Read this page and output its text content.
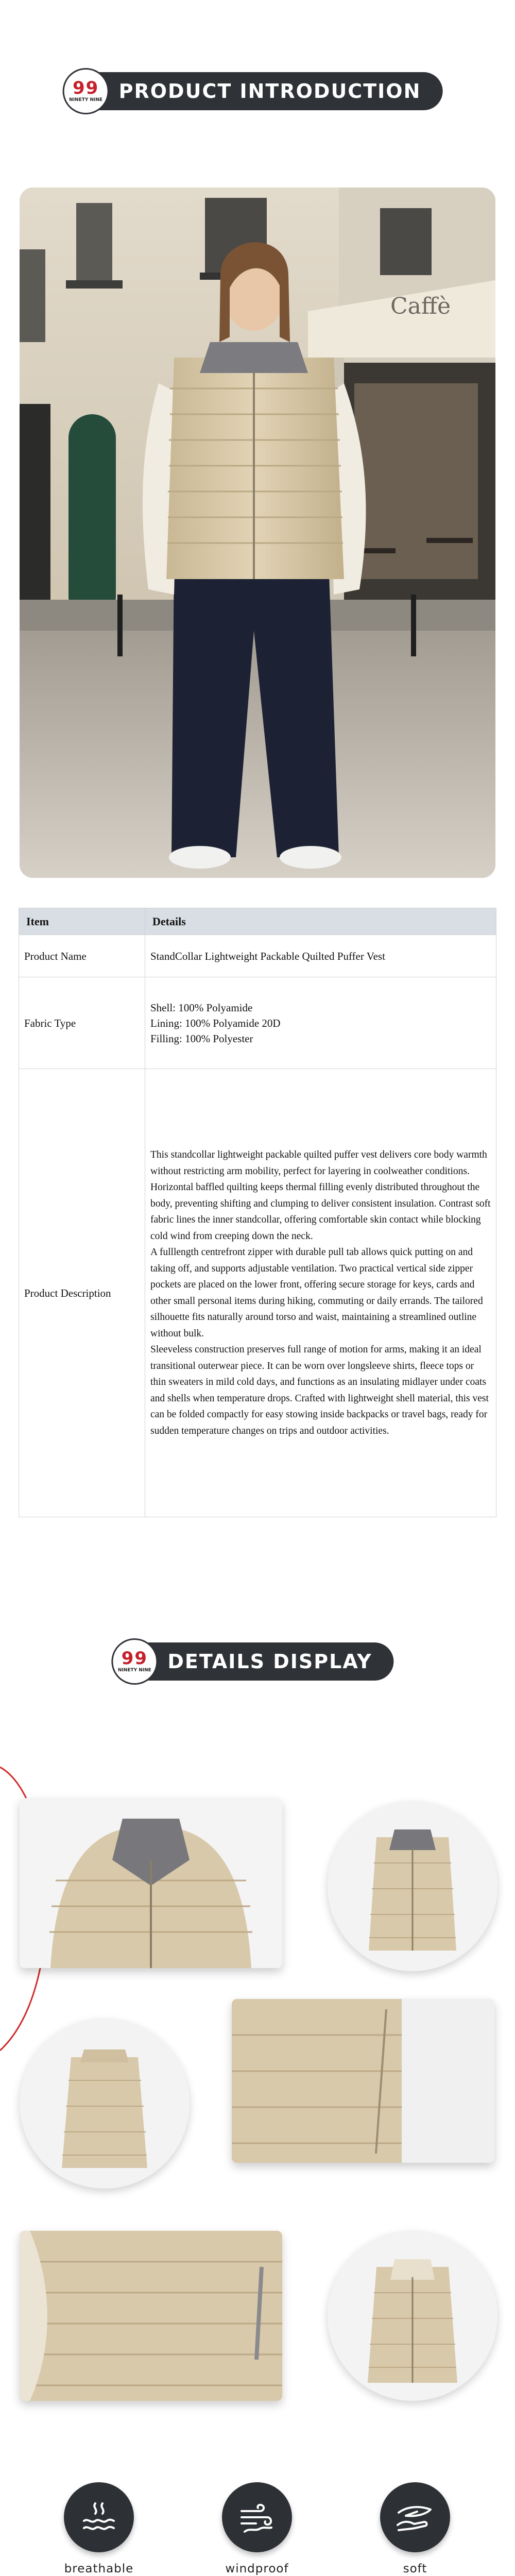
99
NINETY NINE PRODUCT INTRODUCTION
Caffè
Item	Details
Product Name	StandCollar Lightweight Packable Quilted Puffer Vest
Fabric Type	Shell: 100% Polyamide
Lining: 100% Polyamide 20D
Filling: 100% Polyester

Product Description	This standcollar lightweight packable quilted puffer vest delivers core body warmth without restricting arm mobility, perfect for layering in coolweather conditions. Horizontal baffled quilting keeps thermal filling evenly distributed throughout the body, preventing shifting and clumping to deliver consistent insulation. Contrast soft fabric lines the inner standcollar, offering comfortable skin contact while blocking cold wind from creeping down the neck.

A fulllength centrefront zipper with durable pull tab allows quick putting on and taking off, and supports adjustable ventilation. Two practical vertical side zipper pockets are placed on the lower front, offering secure storage for keys, cards and other small personal items during hiking, commuting or daily errands. The tailored silhouette fits naturally around torso and waist, maintaining a streamlined outline without bulk.

Sleeveless construction preserves full range of motion for arms, making it an ideal transitional outerwear piece. It can be worn over longsleeve shirts, fleece tops or thin sweaters in mild cold days, and functions as an insulating midlayer under coats and shells when temperature drops. Crafted with lightweight shell material, this vest can be folded compactly for easy stowing inside backpacks or travel bags, ready for sudden temperature changes on trips and outdoor activities.

99
NINETY NINE DETAILS DISPLAY
breathable	windproof	soft
